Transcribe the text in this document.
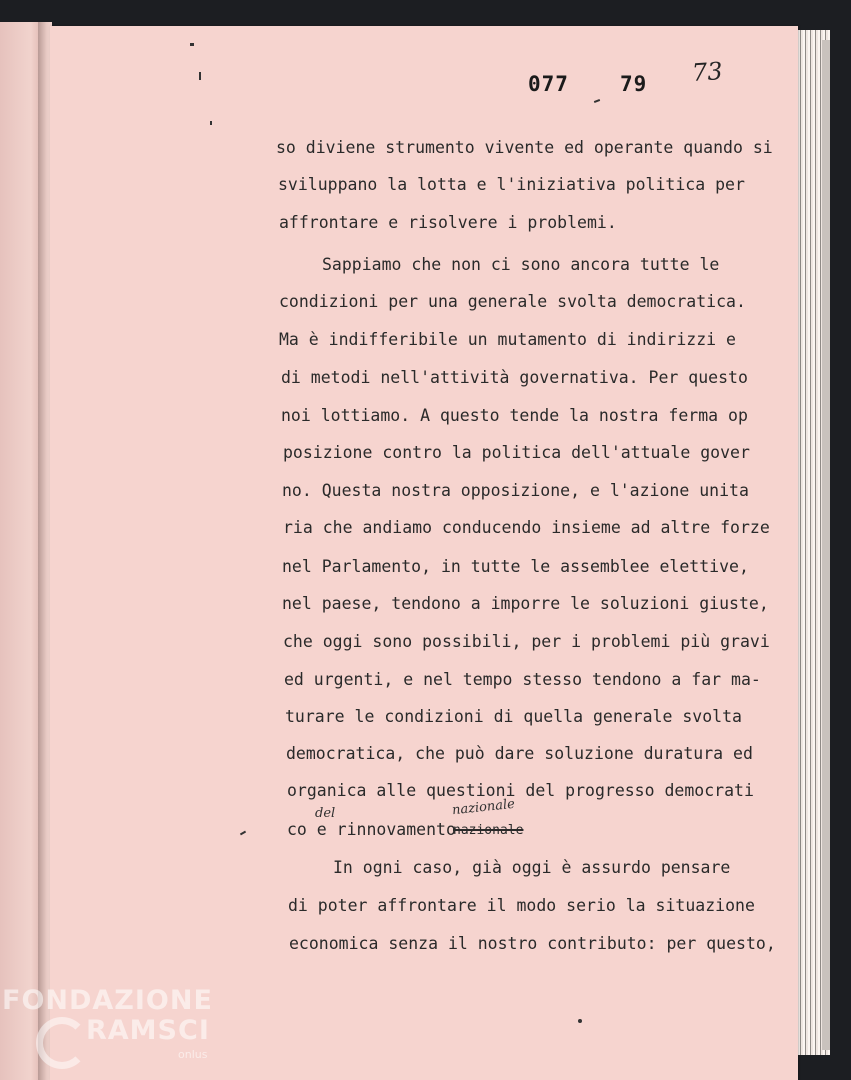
077 79 73
so diviene strumento vivente ed operante quando si
sviluppano la lotta e l'iniziativa politica per
affrontare e risolvere i problemi.
Sappiamo che non ci sono ancora tutte le
condizioni per una generale svolta democratica.
Ma è indifferibile un mutamento di indirizzi e
di metodi nell'attività governativa. Per questo
noi lottiamo. A questo tende la nostra ferma op
posizione contro la politica dell'attuale gover
no. Questa nostra opposizione, e l'azione unita
ria che andiamo conducendo insieme ad altre forze
nel Parlamento, in tutte le assemblee elettive,
nel paese, tendono a imporre le soluzioni giuste,
che oggi sono possibili, per i problemi più gravi
ed urgenti, e nel tempo stesso tendono a far ma-
turare le condizioni di quella generale svolta
democratica, che può dare soluzione duratura ed
organica alle questioni del progresso democrati
co e rinnovamento
In ogni caso, già oggi è assurdo pensare
di poter affrontare il modo serio la situazione
economica senza il nostro contributo: per questo,
del	nazionale
nazionale
FONDAZIONE
RAMSCI
onlus
